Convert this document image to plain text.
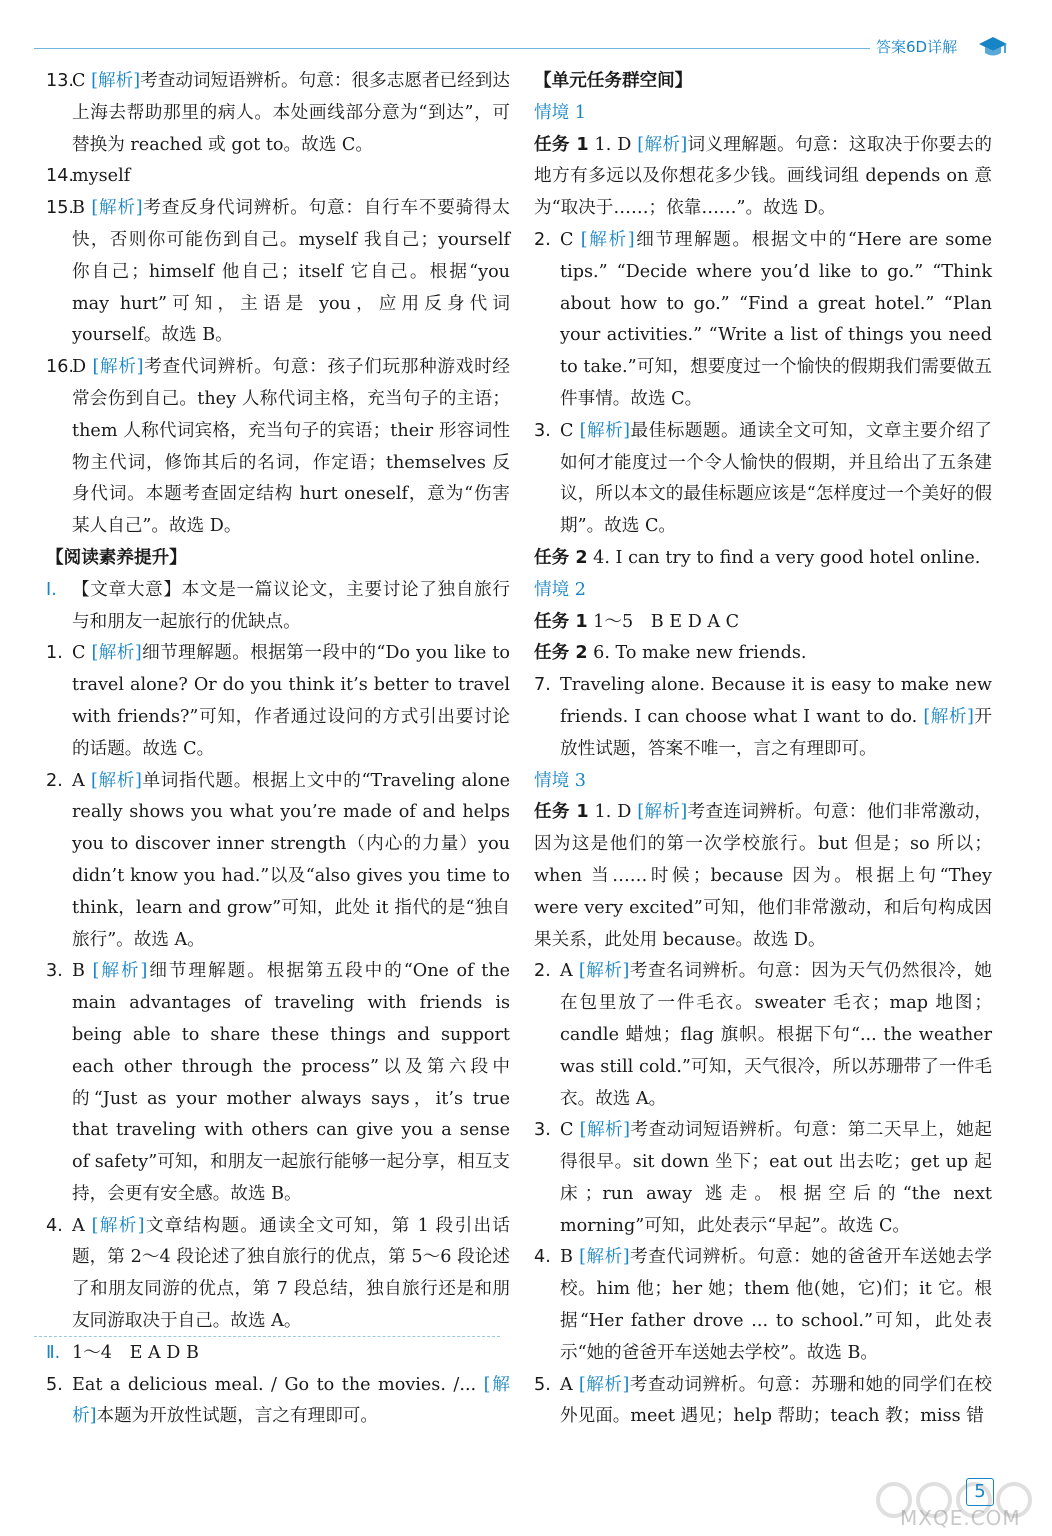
答案6D详解
13.
C [解析]考查动词短语辨析。句意：很多志愿者已经到达上海去帮助那里的病人。本处画线部分意为“到达”，可替换为 reached 或 got to。故选 C。
14.
myself
15.
B [解析]考查反身代词辨析。句意：自行车不要骑得太快，否则你可能伤到自己。myself 我自己；yourself 你自己；himself 他自己；itself 它自己。根据“you may hurt”可知，主语是 you，应用反身代词 yourself。故选 B。
16.
D [解析]考查代词辨析。句意：孩子们玩那种游戏时经常会伤到自己。they 人称代词主格，充当句子的主语；them 人称代词宾格，充当句子的宾语；their 形容词性物主代词，修饰其后的名词，作定语；themselves 反身代词。本题考查固定结构 hurt oneself，意为“伤害某人自己”。故选 D。
【阅读素养提升】
Ⅰ. 【文章大意】本文是一篇议论文，主要讨论了独自旅行与和朋友一起旅行的优缺点。
1. C [解析]细节理解题。根据第一段中的“Do you like to travel alone? Or do you think it’s better to travel with friends?”可知，作者通过设问的方式引出要讨论的话题。故选 C。
2. A [解析]单词指代题。根据上文中的“Traveling alone really shows you what you’re made of and helps you to discover inner strength（内心的力量）you didn’t know you had.”以及“also gives you time to think，learn and grow”可知，此处 it 指代的是“独自旅行”。故选 A。
3. B [解析]细节理解题。根据第五段中的“One of the main advantages of traveling with friends is being able to share these things and support each other through the process”以及第六段中的“Just as your mother always says，it’s true that traveling with others can give you a sense of safety”可知，和朋友一起旅行能够一起分享，相互支持，会更有安全感。故选 B。
4. A [解析]文章结构题。通读全文可知，第 1 段引出话题，第 2～4 段论述了独自旅行的优点，第 5～6 段论述了和朋友同游的优点，第 7 段总结，独自旅行还是和朋友同游取决于自己。故选 A。
Ⅱ. 1～4　E A D B
5. Eat a delicious meal. / Go to the movies. /... [解析]本题为开放性试题，言之有理即可。
【单元任务群空间】
情境 1
任务 1 1. D [解析]词义理解题。句意：这取决于你要去的地方有多远以及你想花多少钱。画线词组 depends on 意为“取决于……；依靠……”。故选 D。
2. C [解析]细节理解题。根据文中的“Here are some tips.” “Decide where you’d like to go.” “Think about how to go.” “Find a great hotel.” “Plan your activities.” “Write a list of things you need to take.”可知，想要度过一个愉快的假期我们需要做五件事情。故选 C。
3. C [解析]最佳标题题。通读全文可知，文章主要介绍了如何才能度过一个令人愉快的假期，并且给出了五条建议，所以本文的最佳标题应该是“怎样度过一个美好的假期”。故选 C。
任务 2 4. I can try to find a very good hotel online.
情境 2
任务 1 1～5　B E D A C
任务 2 6. To make new friends.
7. Traveling alone. Because it is easy to make new friends. I can choose what I want to do. [解析]开放性试题，答案不唯一，言之有理即可。
情境 3
任务 1 1. D [解析]考查连词辨析。句意：他们非常激动，因为这是他们的第一次学校旅行。but 但是；so 所以；when 当……时候；because 因为。根据上句“They were very excited”可知，他们非常激动，和后句构成因果关系，此处用 because。故选 D。
2. A [解析]考查名词辨析。句意：因为天气仍然很冷，她在包里放了一件毛衣。sweater 毛衣；map 地图；candle 蜡烛；flag 旗帜。根据下句“... the weather was still cold.”可知，天气很冷，所以苏珊带了一件毛衣。故选 A。
3. C [解析]考查动词短语辨析。句意：第二天早上，她起得很早。sit down 坐下；eat out 出去吃；get up 起床；run away 逃走。根据空后的“the next morning”可知，此处表示“早起”。故选 C。
4. B [解析]考查代词辨析。句意：她的爸爸开车送她去学校。him 他；her 她；them 他(她，它)们；it 它。根据“Her father drove ... to school.”可知，此处表示“她的爸爸开车送她去学校”。故选 B。
5. A [解析]考查动词辨析。句意：苏珊和她的同学们在校外见面。meet 遇见；help 帮助；teach 教；miss 错
MXQE.COM
5
